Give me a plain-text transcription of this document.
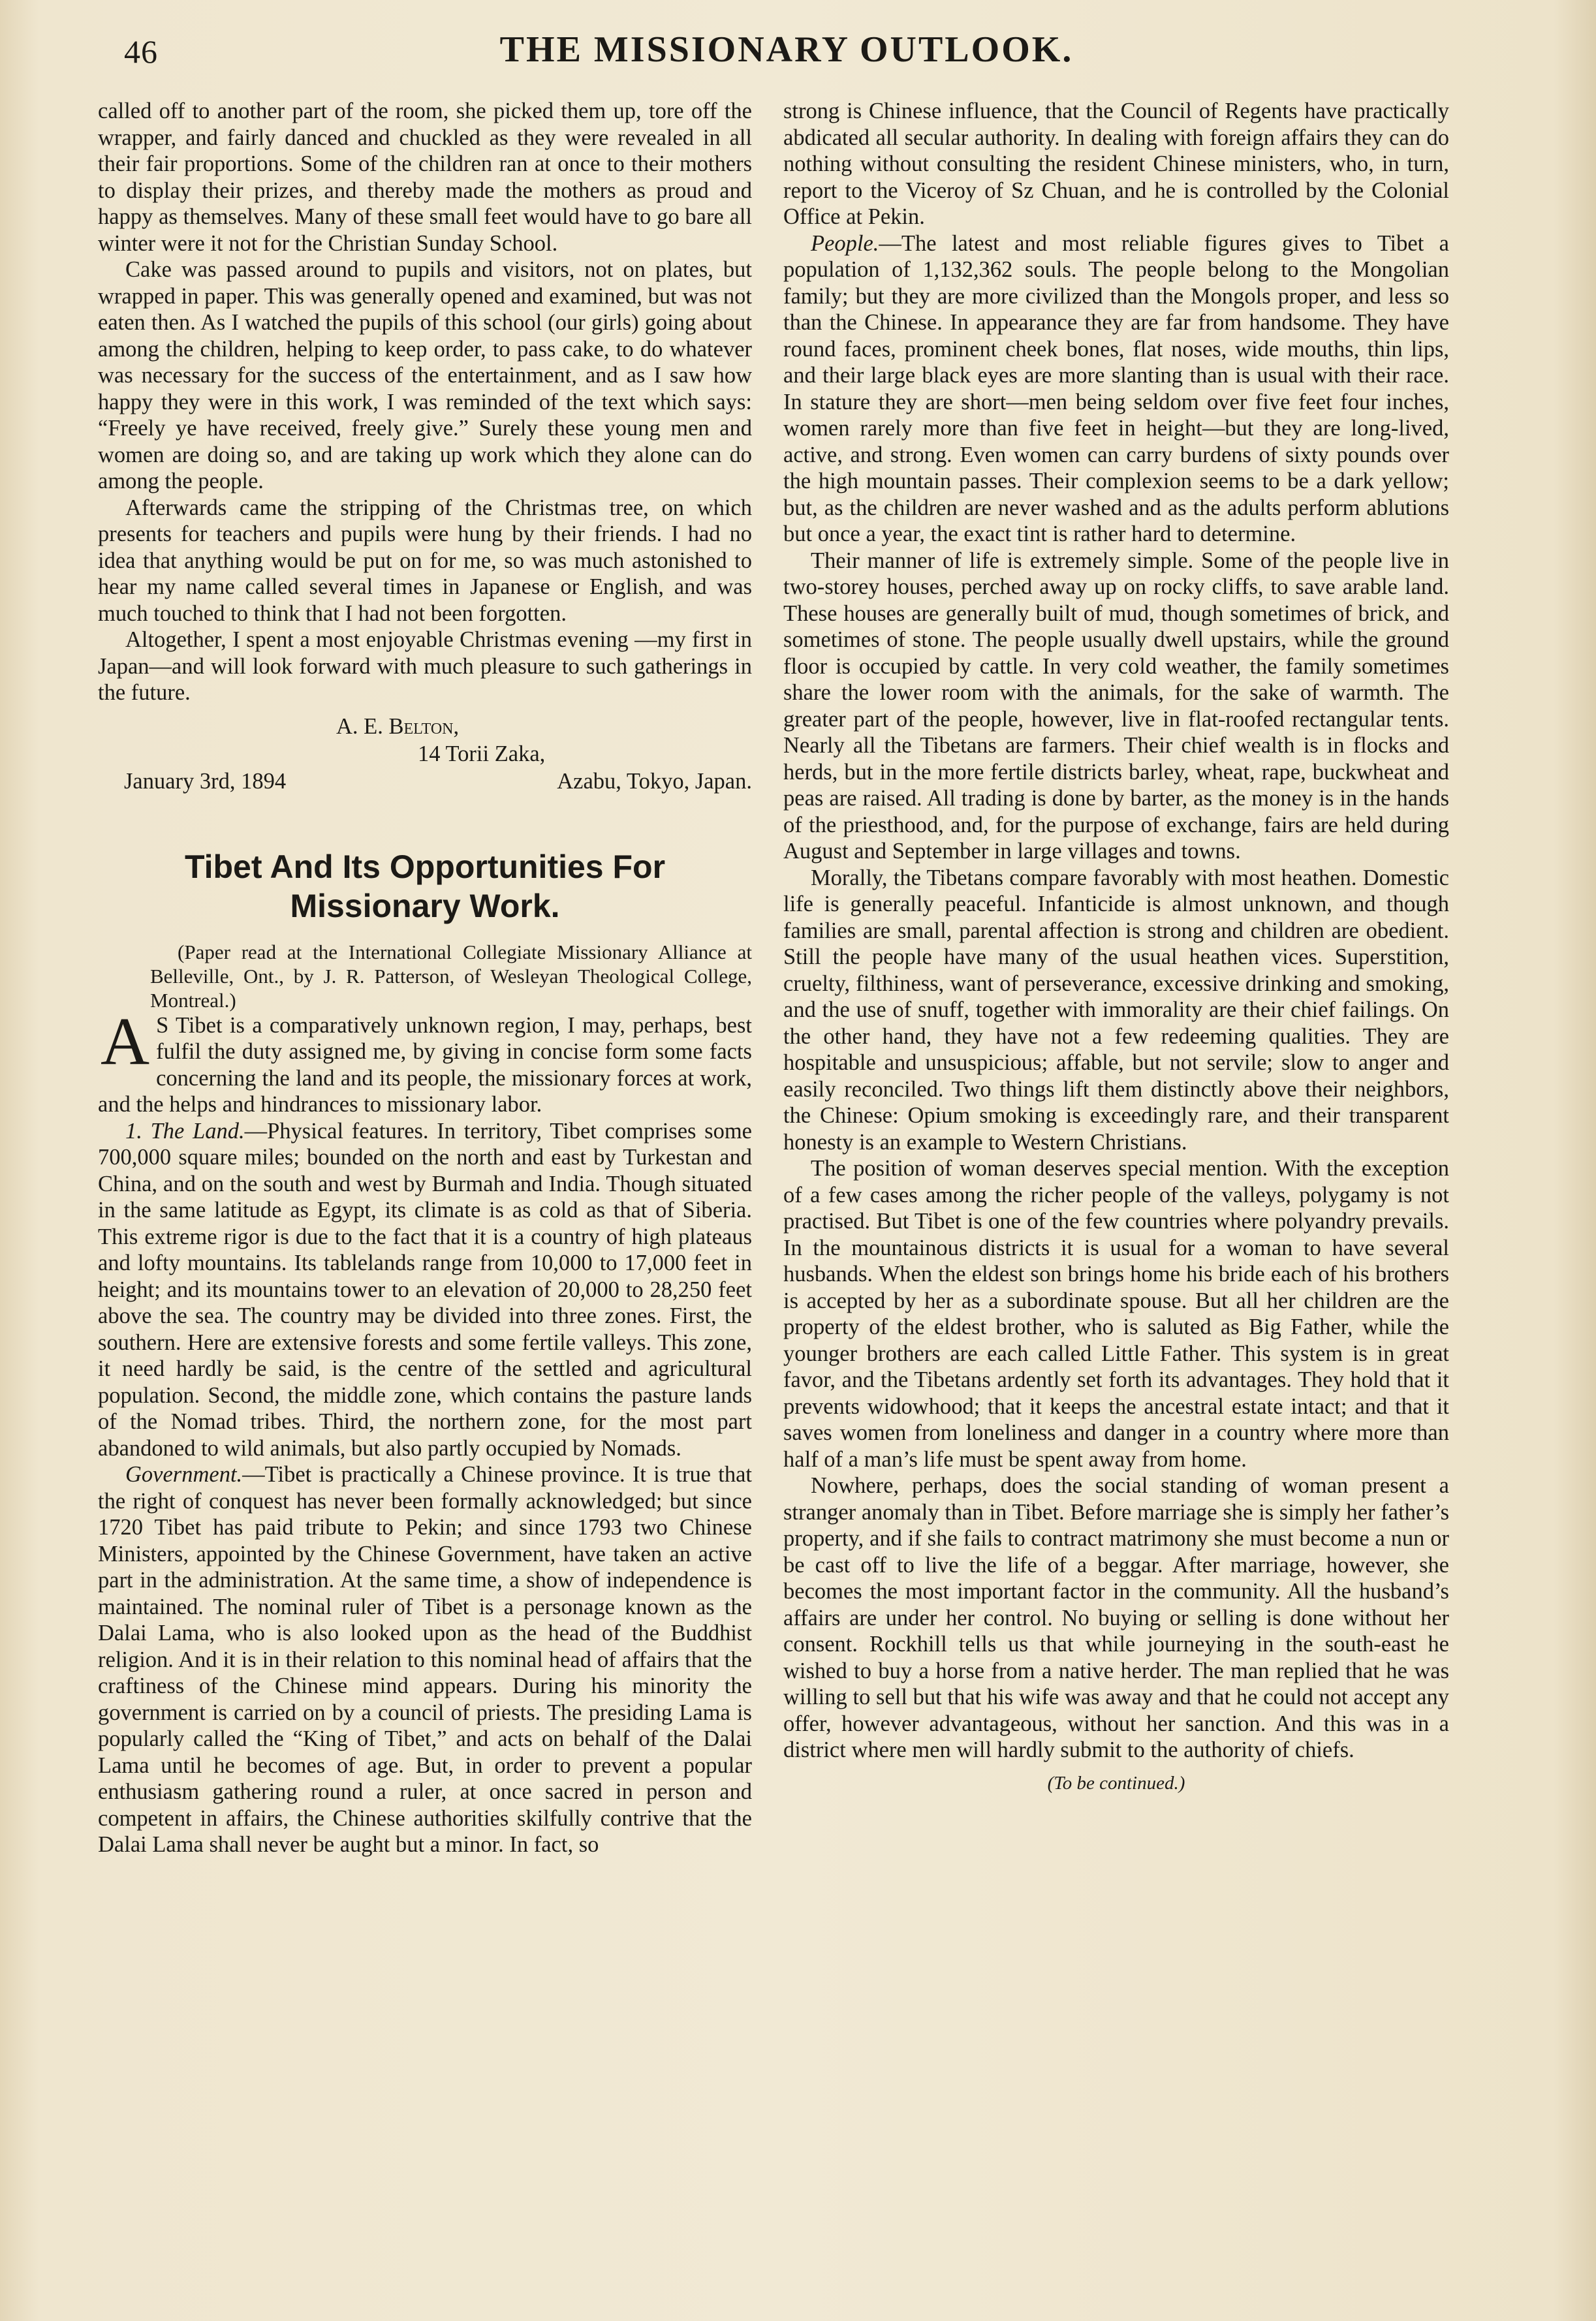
46	THE MISSIONARY OUTLOOK.

called off to another part of the room, she picked them up, tore off the wrapper, and fairly danced and chuckled as they were revealed in all their fair proportions. Some of the children ran at once to their mothers to display their prizes, and thereby made the mothers as proud and happy as themselves. Many of these small feet would have to go bare all winter were it not for the Christian Sunday School.

Cake was passed around to pupils and visitors, not on plates, but wrapped in paper. This was generally opened and examined, but was not eaten then. As I watched the pupils of this school (our girls) going about among the children, helping to keep order, to pass cake, to do whatever was necessary for the success of the entertainment, and as I saw how happy they were in this work, I was reminded of the text which says: “Freely ye have received, freely give.” Surely these young men and women are doing so, and are taking up work which they alone can do among the people.

Afterwards came the stripping of the Christmas tree, on which presents for teachers and pupils were hung by their friends. I had no idea that anything would be put on for me, so was much astonished to hear my name called several times in Japanese or English, and was much touched to think that I had not been forgotten.

Altogether, I spent a most enjoyable Christmas evening —my first in Japan—and will look forward with much pleasure to such gatherings in the future.

A. E. Belton,
14 Torii Zaka,
January 3rd, 1894	Azabu, Tokyo, Japan.
Tibet And Its Opportunities For Missionary Work.

(Paper read at the International Collegiate Missionary Alliance at Belleville, Ont., by J. R. Patterson, of Wesleyan Theological College, Montreal.)

A S Tibet is a comparatively unknown region, I may, perhaps, best fulfil the duty assigned me, by giving in concise form some facts concerning the land and its people, the missionary forces at work, and the helps and hindrances to missionary labor.

1. The Land.—Physical features. In territory, Tibet comprises some 700,000 square miles; bounded on the north and east by Turkestan and China, and on the south and west by Burmah and India. Though situated in the same latitude as Egypt, its climate is as cold as that of Siberia. This extreme rigor is due to the fact that it is a country of high plateaus and lofty mountains. Its tablelands range from 10,000 to 17,000 feet in height; and its mountains tower to an elevation of 20,000 to 28,250 feet above the sea. The country may be divided into three zones. First, the southern. Here are extensive forests and some fertile valleys. This zone, it need hardly be said, is the centre of the settled and agricultural population. Second, the middle zone, which contains the pasture lands of the Nomad tribes. Third, the northern zone, for the most part abandoned to wild animals, but also partly occupied by Nomads.

Government.—Tibet is practically a Chinese province. It is true that the right of conquest has never been formally acknowledged; but since 1720 Tibet has paid tribute to Pekin; and since 1793 two Chinese Ministers, appointed by the Chinese Government, have taken an active part in the administration. At the same time, a show of independence is maintained. The nominal ruler of Tibet is a personage known as the Dalai Lama, who is also looked upon as the head of the Buddhist religion. And it is in their relation to this nominal head of affairs that the craftiness of the Chinese mind appears. During his minority the government is carried on by a council of priests. The presiding Lama is popularly called the “King of Tibet,” and acts on behalf of the Dalai Lama until he becomes of age. But, in order to prevent a popular enthusiasm gathering round a ruler, at once sacred in person and competent in affairs, the Chinese authorities skilfully contrive that the Dalai Lama shall never be aught but a minor. In fact, so

strong is Chinese influence, that the Council of Regents have practically abdicated all secular authority. In dealing with foreign affairs they can do nothing without consulting the resident Chinese ministers, who, in turn, report to the Viceroy of Sz Chuan, and he is controlled by the Colonial Office at Pekin.

People.—The latest and most reliable figures gives to Tibet a population of 1,132,362 souls. The people belong to the Mongolian family; but they are more civilized than the Mongols proper, and less so than the Chinese. In appearance they are far from handsome. They have round faces, prominent cheek bones, flat noses, wide mouths, thin lips, and their large black eyes are more slanting than is usual with their race. In stature they are short—men being seldom over five feet four inches, women rarely more than five feet in height—but they are long-lived, active, and strong. Even women can carry burdens of sixty pounds over the high mountain passes. Their complexion seems to be a dark yellow; but, as the children are never washed and as the adults perform ablutions but once a year, the exact tint is rather hard to determine.

Their manner of life is extremely simple. Some of the people live in two-storey houses, perched away up on rocky cliffs, to save arable land. These houses are generally built of mud, though sometimes of brick, and sometimes of stone. The people usually dwell upstairs, while the ground floor is occupied by cattle. In very cold weather, the family sometimes share the lower room with the animals, for the sake of warmth. The greater part of the people, however, live in flat-roofed rectangular tents. Nearly all the Tibetans are farmers. Their chief wealth is in flocks and herds, but in the more fertile districts barley, wheat, rape, buckwheat and peas are raised. All trading is done by barter, as the money is in the hands of the priesthood, and, for the purpose of exchange, fairs are held during August and September in large villages and towns.

Morally, the Tibetans compare favorably with most heathen. Domestic life is generally peaceful. Infanticide is almost unknown, and though families are small, parental affection is strong and children are obedient. Still the people have many of the usual heathen vices. Superstition, cruelty, filthiness, want of perseverance, excessive drinking and smoking, and the use of snuff, together with immorality are their chief failings. On the other hand, they have not a few redeeming qualities. They are hospitable and unsuspicious; affable, but not servile; slow to anger and easily reconciled. Two things lift them distinctly above their neighbors, the Chinese: Opium smoking is exceedingly rare, and their transparent honesty is an example to Western Christians.

The position of woman deserves special mention. With the exception of a few cases among the richer people of the valleys, polygamy is not practised. But Tibet is one of the few countries where polyandry prevails. In the mountainous districts it is usual for a woman to have several husbands. When the eldest son brings home his bride each of his brothers is accepted by her as a subordinate spouse. But all her children are the property of the eldest brother, who is saluted as Big Father, while the younger brothers are each called Little Father. This system is in great favor, and the Tibetans ardently set forth its advantages. They hold that it prevents widowhood; that it keeps the ancestral estate intact; and that it saves women from loneliness and danger in a country where more than half of a man’s life must be spent away from home.

Nowhere, perhaps, does the social standing of woman present a stranger anomaly than in Tibet. Before marriage she is simply her father’s property, and if she fails to contract matrimony she must become a nun or be cast off to live the life of a beggar. After marriage, however, she becomes the most important factor in the community. All the husband’s affairs are under her control. No buying or selling is done without her consent. Rockhill tells us that while journeying in the south-east he wished to buy a horse from a native herder. The man replied that he was willing to sell but that his wife was away and that he could not accept any offer, however advantageous, without her sanction. And this was in a district where men will hardly submit to the authority of chiefs.

(To be continued.)
